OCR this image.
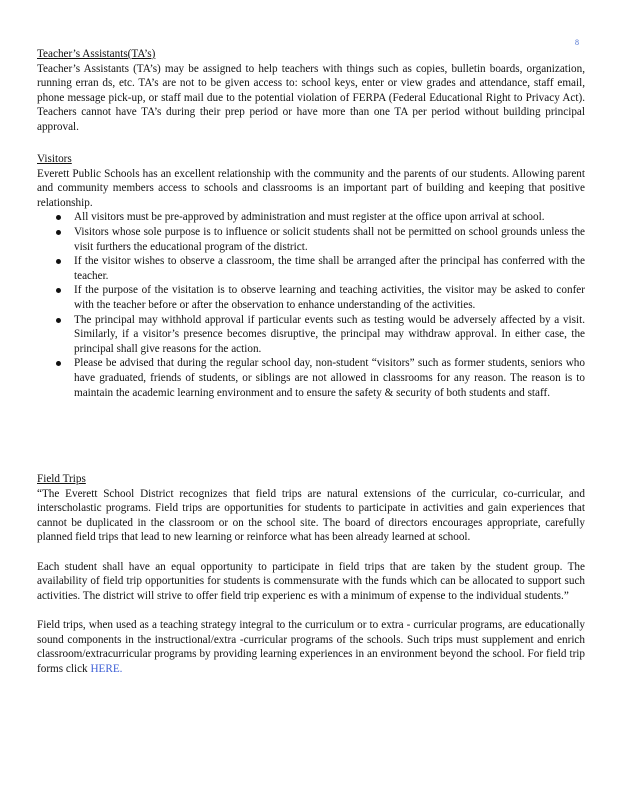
8
Teacher’s Assistants(TA’s)

Teacher’s Assistants (TA’s) may be assigned to help teachers with things such as copies, bulletin boards, organization, running erran ds, etc. TA’s are not to be given access to: school keys, enter or view grades and attendance, staff email, phone message pick-up, or staff mail due to the potential violation of FERPA (Federal Educational Right to Privacy Act). Teachers cannot have TA’s during their prep period or have more than one TA per period without building principal approval.

Visitors

Everett Public Schools has an excellent relationship with the community and the parents of our students. Allowing parent and community members access to schools and classrooms is an important part of building and keeping that positive relationship.

All visitors must be pre-approved by administration and must register at the office upon arrival at school.
Visitors whose sole purpose is to influence or solicit students shall not be permitted on school grounds unless the visit furthers the educational program of the district.
If the visitor wishes to observe a classroom, the time shall be arranged after the principal has conferred with the teacher.
If the purpose of the visitation is to observe learning and teaching activities, the visitor may be asked to confer with the teacher before or after the observation to enhance understanding of the activities.
The principal may withhold approval if particular events such as testing would be adversely affected by a visit. Similarly, if a visitor’s presence becomes disruptive, the principal may withdraw approval. In either case, the principal shall give reasons for the action.
Please be advised that during the regular school day, non-student “visitors” such as former students, seniors who have graduated, friends of students, or siblings are not allowed in classrooms for any reason. The reason is to maintain the academic learning environment and to ensure the safety & security of both students and staff.
Field Trips

“The Everett School District recognizes that field trips are natural extensions of the curricular, co-curricular, and interscholastic programs. Field trips are opportunities for students to participate in activities and gain experiences that cannot be duplicated in the classroom or on the school site. The board of directors encourages appropriate, carefully planned field trips that lead to new learning or reinforce what has been already learned at school.

Each student shall have an equal opportunity to participate in field trips that are taken by the student group. The availability of field trip opportunities for students is commensurate with the funds which can be allocated to support such activities. The district will strive to offer field trip experienc es with a minimum of expense to the individual students.”

Field trips, when used as a teaching strategy integral to the curriculum or to extra - curricular programs, are educationally sound components in the instructional/extra -curricular programs of the schools. Such trips must supplement and enrich classroom/extracurricular programs by providing learning experiences in an environment beyond the school. For field trip forms click HERE.
